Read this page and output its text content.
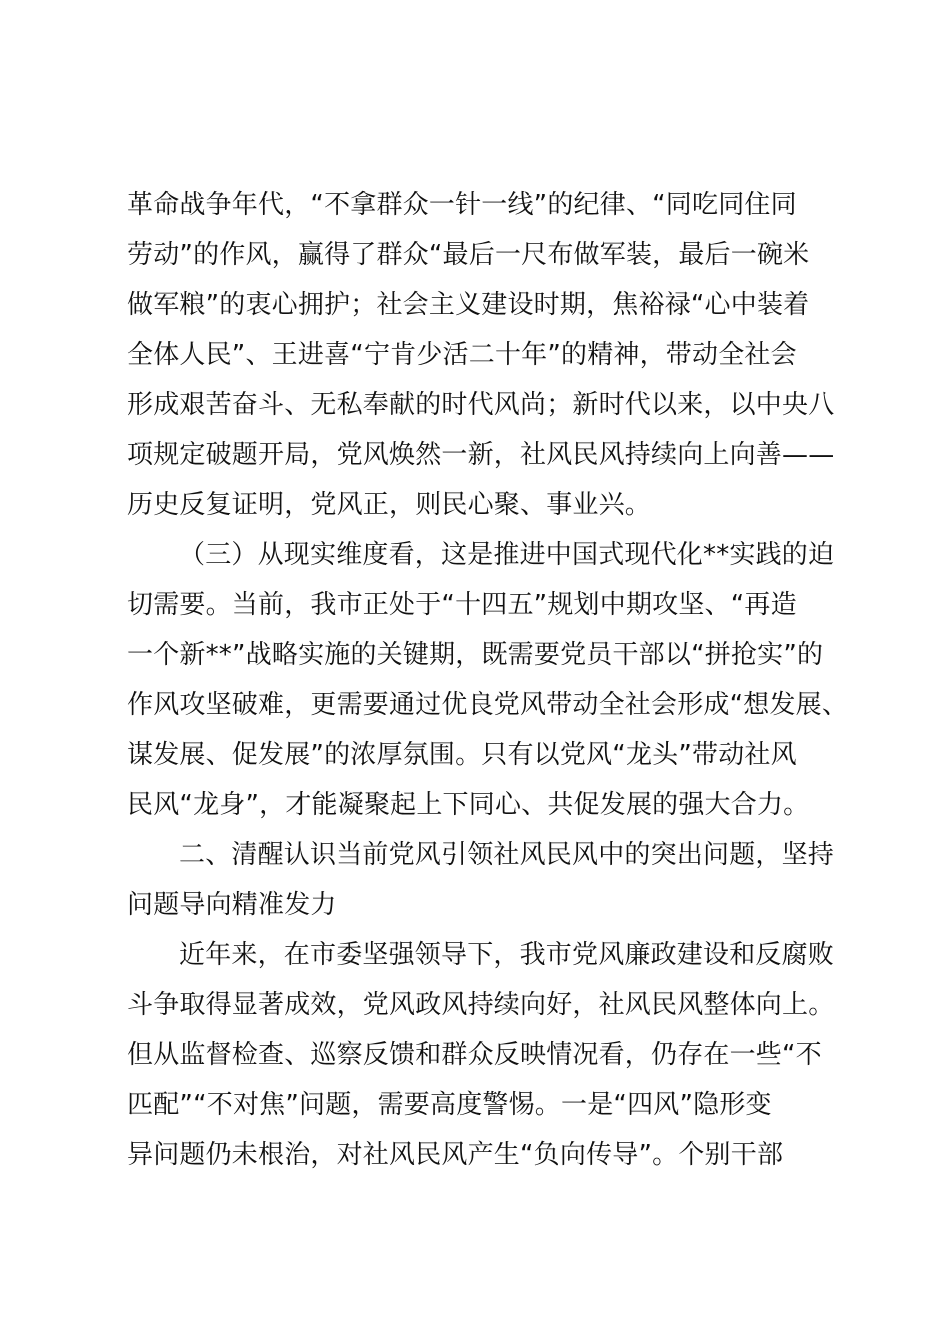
革命战争年代，“不拿群众一针一线”的纪律、“同吃同住同
劳动”的作风，赢得了群众“最后一尺布做军装，最后一碗米
做军粮”的衷心拥护；社会主义建设时期，焦裕禄“心中装着
全体人民”、王进喜“宁肯少活二十年”的精神，带动全社会
形成艰苦奋斗、无私奉献的时代风尚；新时代以来，以中央八
项规定破题开局，党风焕然一新，社风民风持续向上向善——
历史反复证明，党风正，则民心聚、事业兴。
（三）从现实维度看，这是推进中国式现代化**实践的迫
切需要。当前，我市正处于“十四五”规划中期攻坚、“再造
一个新**”战略实施的关键期，既需要党员干部以“拼抢实”的
作风攻坚破难，更需要通过优良党风带动全社会形成“想发展、
谋发展、促发展”的浓厚氛围。只有以党风“龙头”带动社风
民风“龙身”，才能凝聚起上下同心、共促发展的强大合力。
二、清醒认识当前党风引领社风民风中的突出问题，坚持
问题导向精准发力
近年来，在市委坚强领导下，我市党风廉政建设和反腐败
斗争取得显著成效，党风政风持续向好，社风民风整体向上。
但从监督检查、巡察反馈和群众反映情况看，仍存在一些“不
匹配”“不对焦”问题，需要高度警惕。一是“四风”隐形变
异问题仍未根治，对社风民风产生“负向传导”。个别干部
